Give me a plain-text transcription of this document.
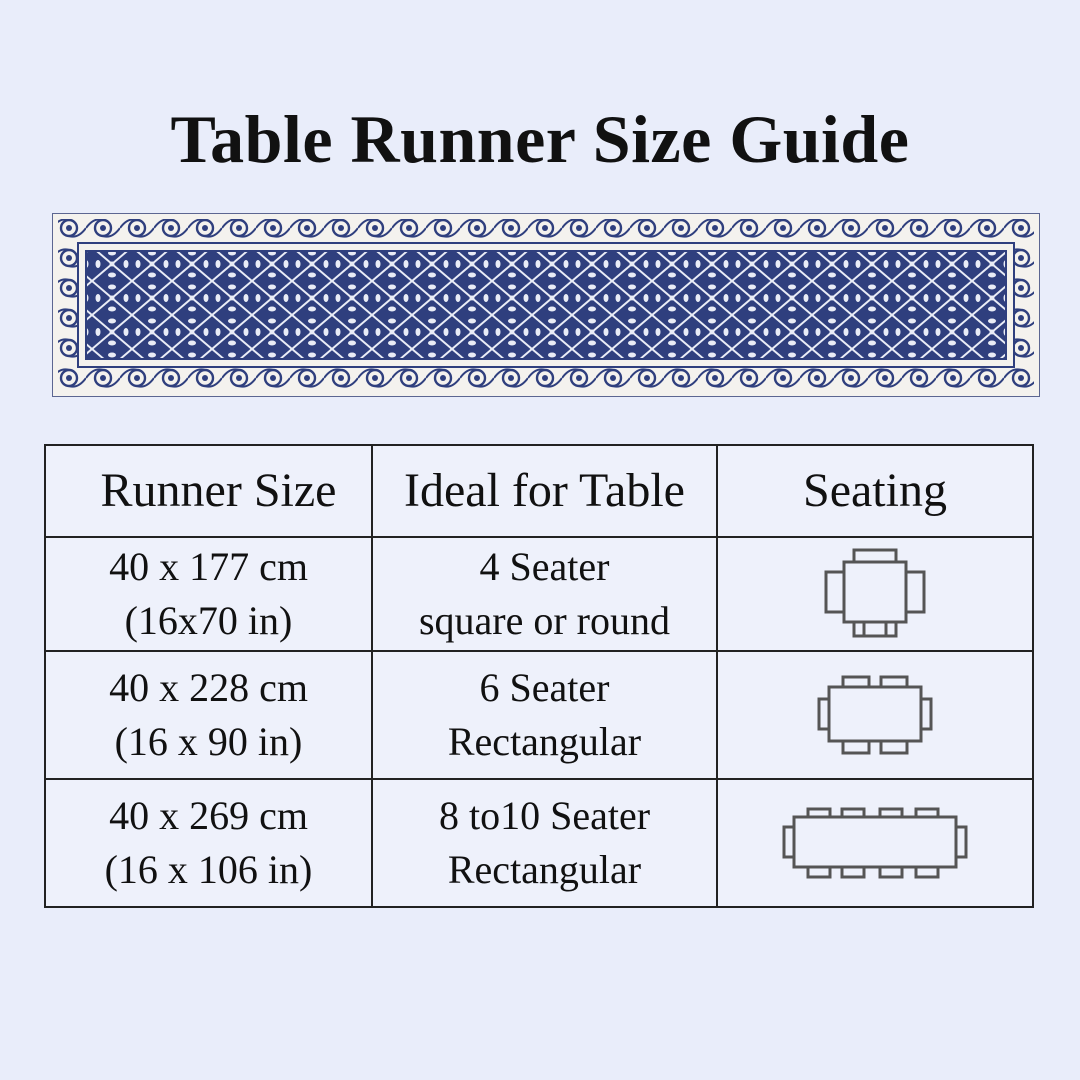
Table Runner Size Guide
Runner Size	Ideal for Table	Seating
40 x 177 cm
(16x70 in)
4 Seater
square or round
40 x 228 cm
(16 x 90 in)
6 Seater
Rectangular
40 x 269 cm
(16 x 106 in)
8 to10 Seater
Rectangular
